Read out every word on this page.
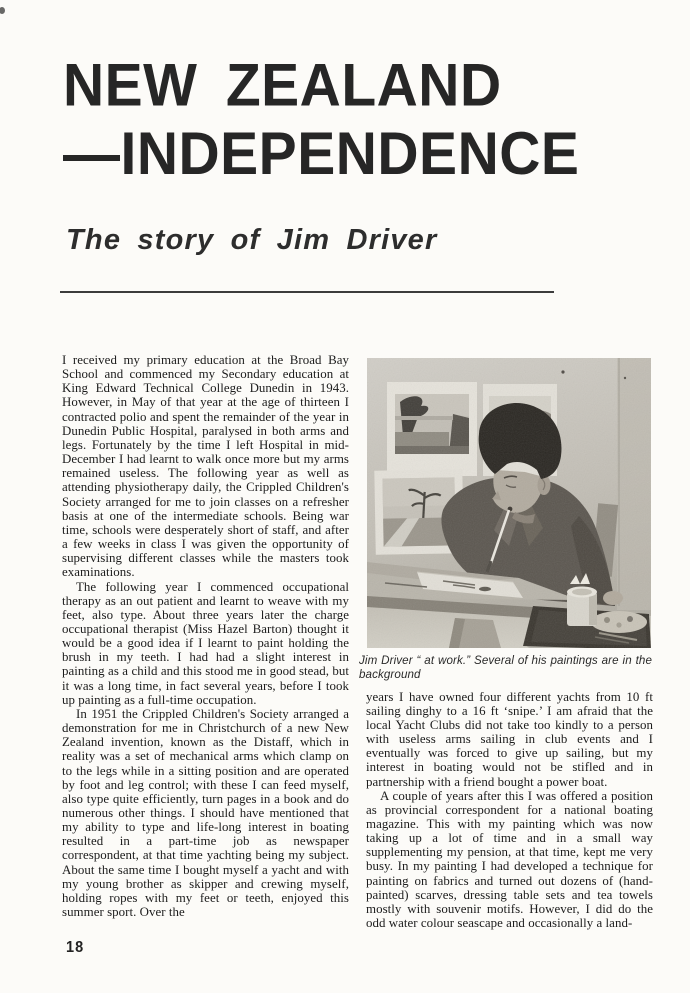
NEW ZEALAND
—INDEPENDENCE
The story of Jim Driver

I received my primary education at the Broad Bay School and commenced my Secondary education at King Edward Technical College Dunedin in 1943. However, in May of that year at the age of thirteen I contracted polio and spent the remainder of the year in Dunedin Public Hospital, paralysed in both arms and legs. Fortunately by the time I left Hospital in mid-December I had learnt to walk once more but my arms remained useless. The following year as well as attending physiotherapy daily, the Crippled Children's Society arranged for me to join classes on a refresher basis at one of the intermediate schools. Being war time, schools were desperately short of staff, and after a few weeks in class I was given the opportunity of supervising different classes while the masters took examinations.

The following year I commenced occupational therapy as an out patient and learnt to weave with my feet, also type. About three years later the charge occupational therapist (Miss Hazel Barton) thought it would be a good idea if I learnt to paint holding the brush in my teeth. I had had a slight interest in painting as a child and this stood me in good stead, but it was a long time, in fact several years, before I took up painting as a full-time occupation.

In 1951 the Crippled Children's Society arranged a demonstration for me in Christchurch of a new New Zealand invention, known as the Distaff, which in reality was a set of mechanical arms which clamp on to the legs while in a sitting position and are operated by foot and leg control; with these I can feed myself, also type quite efficiently, turn pages in a book and do numerous other things. I should have mentioned that my ability to type and life-long interest in boating resulted in a part-time job as newspaper correspondent, at that time yachting being my subject. About the same time I bought myself a yacht and with my young brother as skipper and crewing myself, holding ropes with my feet or teeth, enjoyed this summer sport. Over the

Jim Driver “ at work.” Several of his paintings are in the background

years I have owned four different yachts from 10 ft sailing dinghy to a 16 ft ‘snipe.’ I am afraid that the local Yacht Clubs did not take too kindly to a person with useless arms sailing in club events and I eventually was forced to give up sailing, but my interest in boating would not be stifled and in partnership with a friend bought a power boat.

A couple of years after this I was offered a position as provincial correspondent for a national boating magazine. This with my painting which was now taking up a lot of time and in a small way supplementing my pension, at that time, kept me very busy. In my painting I had developed a technique for painting on fabrics and turned out dozens of (hand-painted) scarves, dressing table sets and tea towels mostly with souvenir motifs. However, I did do the odd water colour seascape and occasionally a land-

18
